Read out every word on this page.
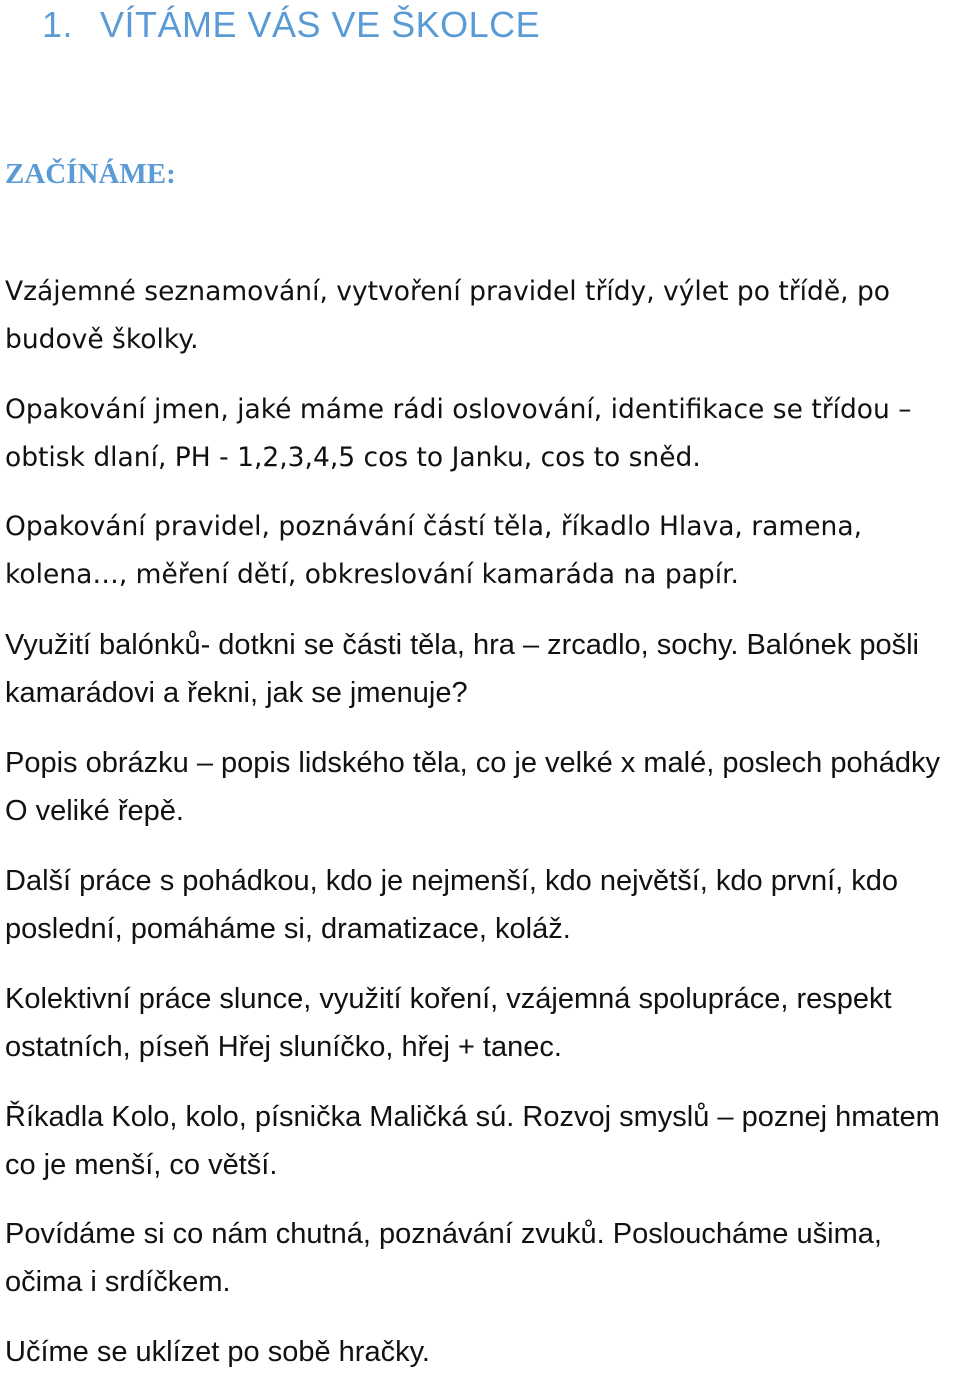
1. VÍTÁME VÁS VE ŠKOLCE
ZAČÍNÁME:

Vzájemné seznamování, vytvoření pravidel třídy, výlet po třídě, po budově školky.

Opakování jmen, jaké máme rádi oslovování, identifikace se třídou – obtisk dlaní, PH - 1,2,3,4,5 cos to Janku, cos to sněd.

Opakování pravidel, poznávání částí těla, říkadlo Hlava, ramena, kolena…, měření dětí, obkreslování kamaráda na papír.

Využití balónků- dotkni se části těla, hra – zrcadlo, sochy. Balónek pošli kamarádovi a řekni, jak se jmenuje?

Popis obrázku – popis lidského těla, co je velké x malé, poslech pohádky O veliké řepě.

Další práce s pohádkou, kdo je nejmenší, kdo největší, kdo první, kdo poslední, pomáháme si, dramatizace, koláž.

Kolektivní práce slunce, využití koření, vzájemná spolupráce, respekt ostatních, píseň Hřej sluníčko, hřej + tanec.

Říkadla Kolo, kolo, písnička Maličká sú. Rozvoj smyslů – poznej hmatem co je menší, co větší.

Povídáme si co nám chutná, poznávání zvuků. Posloucháme ušima, očima i srdíčkem.

Učíme se uklízet po sobě hračky.
